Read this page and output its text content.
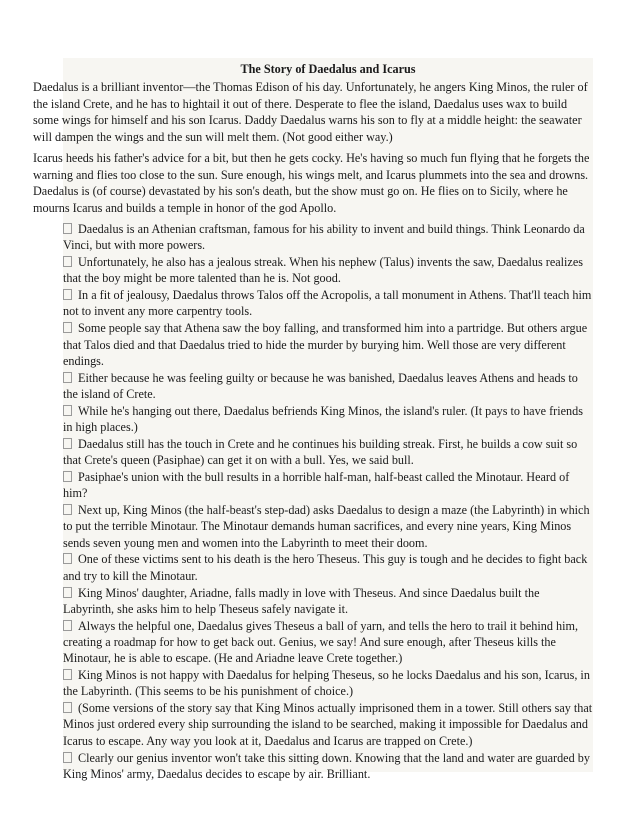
The Story of Daedalus and Icarus

Daedalus is a brilliant inventor—the Thomas Edison of his day. Unfortunately, he angers King Minos, the ruler of the island Crete, and he has to hightail it out of there. Desperate to flee the island, Daedalus uses wax to build some wings for himself and his son Icarus. Daddy Daedalus warns his son to fly at a middle height: the seawater will dampen the wings and the sun will melt them. (Not good either way.)

Icarus heeds his father's advice for a bit, but then he gets cocky. He's having so much fun flying that he forgets the warning and flies too close to the sun. Sure enough, his wings melt, and Icarus plummets into the sea and drowns. Daedalus is (of course) devastated by his son's death, but the show must go on. He flies on to Sicily, where he mourns Icarus and builds a temple in honor of the god Apollo.

Daedalus is an Athenian craftsman, famous for his ability to invent and build things. Think Leonardo da Vinci, but with more powers.
Unfortunately, he also has a jealous streak. When his nephew (Talus) invents the saw, Daedalus realizes that the boy might be more talented than he is. Not good.
In a fit of jealousy, Daedalus throws Talos off the Acropolis, a tall monument in Athens. That'll teach him not to invent any more carpentry tools.
Some people say that Athena saw the boy falling, and transformed him into a partridge. But others argue that Talos died and that Daedalus tried to hide the murder by burying him. Well those are very different endings.
Either because he was feeling guilty or because he was banished, Daedalus leaves Athens and heads to the island of Crete.
While he's hanging out there, Daedalus befriends King Minos, the island's ruler. (It pays to have friends in high places.)
Daedalus still has the touch in Crete and he continues his building streak. First, he builds a cow suit so that Crete's queen (Pasiphae) can get it on with a bull. Yes, we said bull.
Pasiphae's union with the bull results in a horrible half-man, half-beast called the Minotaur. Heard of him?
Next up, King Minos (the half-beast's step-dad) asks Daedalus to design a maze (the Labyrinth) in which to put the terrible Minotaur. The Minotaur demands human sacrifices, and every nine years, King Minos sends seven young men and women into the Labyrinth to meet their doom.
One of these victims sent to his death is the hero Theseus. This guy is tough and he decides to fight back and try to kill the Minotaur.
King Minos' daughter, Ariadne, falls madly in love with Theseus. And since Daedalus built the Labyrinth, she asks him to help Theseus safely navigate it.
Always the helpful one, Daedalus gives Theseus a ball of yarn, and tells the hero to trail it behind him, creating a roadmap for how to get back out. Genius, we say! And sure enough, after Theseus kills the Minotaur, he is able to escape. (He and Ariadne leave Crete together.)
King Minos is not happy with Daedalus for helping Theseus, so he locks Daedalus and his son, Icarus, in the Labyrinth. (This seems to be his punishment of choice.)
(Some versions of the story say that King Minos actually imprisoned them in a tower. Still others say that Minos just ordered every ship surrounding the island to be searched, making it impossible for Daedalus and Icarus to escape. Any way you look at it, Daedalus and Icarus are trapped on Crete.)
Clearly our genius inventor won't take this sitting down. Knowing that the land and water are guarded by King Minos' army, Daedalus decides to escape by air. Brilliant.
